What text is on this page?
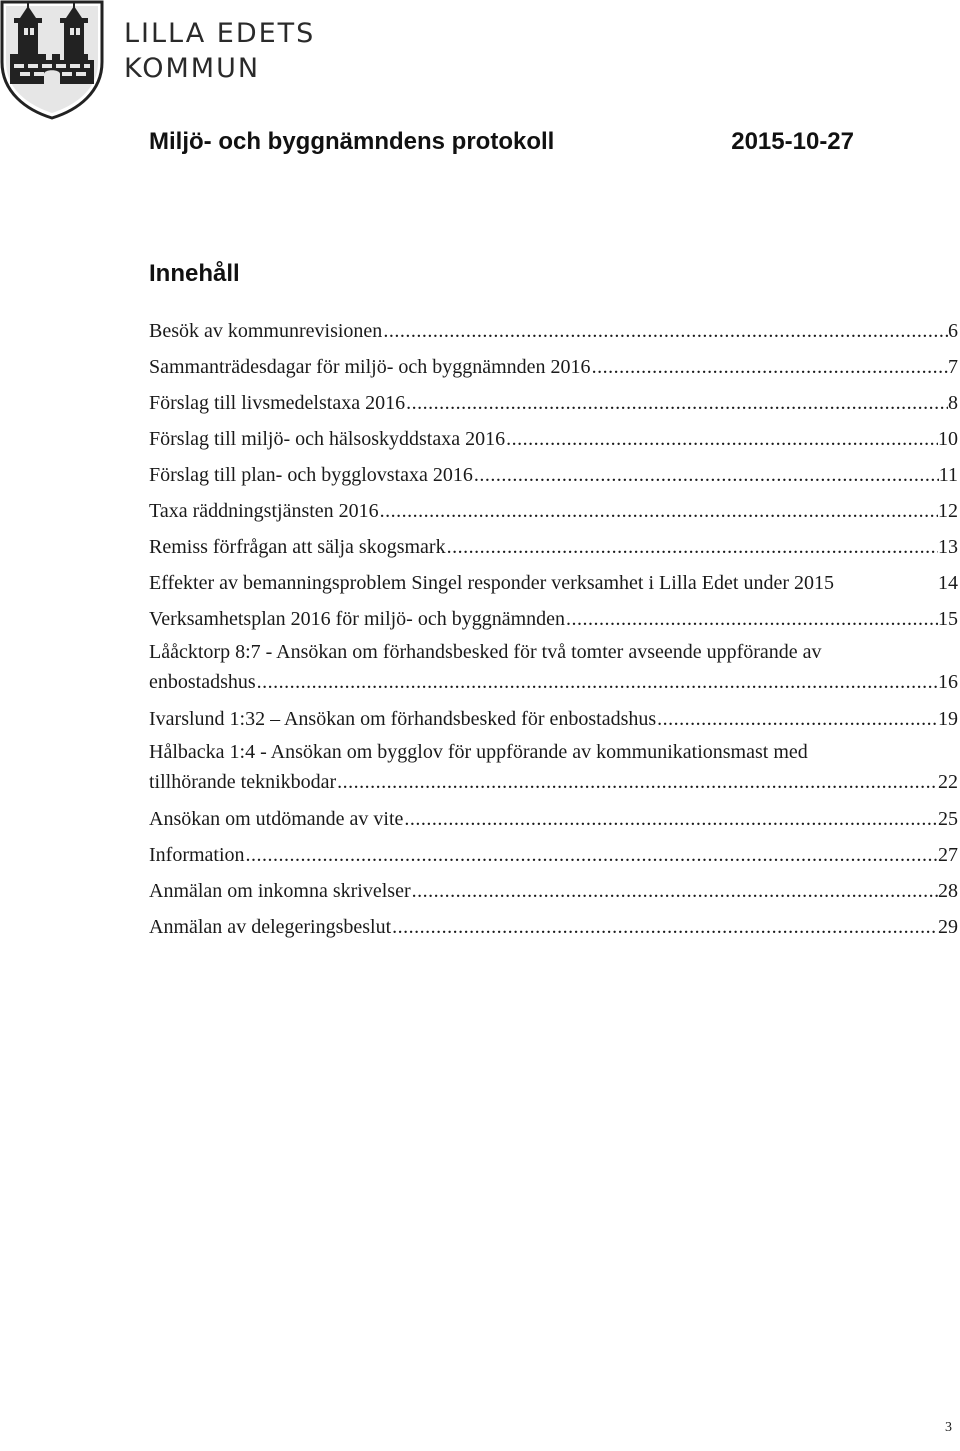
LILLA EDETS
KOMMUN
Miljö- och byggnämndens protokoll	2015-10-27
Innehåll
Besök av kommunrevisionen .....	6
Sammanträdesdagar för miljö- och byggnämnden 2016 .....	7
Förslag till livsmedelstaxa 2016 .....	8
Förslag till miljö- och hälsoskyddstaxa 2016 .....	10
Förslag till plan- och bygglovstaxa 2016 .....	11
Taxa räddningstjänsten 2016 .....	12
Remiss förfrågan att sälja skogsmark .....	13
Effekter av bemanningsproblem Singel responder verksamhet i Lilla Edet under 2015	14
Verksamhetsplan 2016 för miljö- och byggnämnden .....	15
Lååcktorp 8:7 - Ansökan om förhandsbesked för två tomter avseende uppförande av
enbostadshus .....	16
Ivarslund 1:32 – Ansökan om förhandsbesked för enbostadshus .....	19
Hålbacka 1:4 - Ansökan om bygglov för uppförande av kommunikationsmast med
tillhörande teknikbodar .....	22
Ansökan om utdömande av vite .....	25
Information .....	27
Anmälan om inkomna skrivelser .....	28
Anmälan av delegeringsbeslut .....	29
3
